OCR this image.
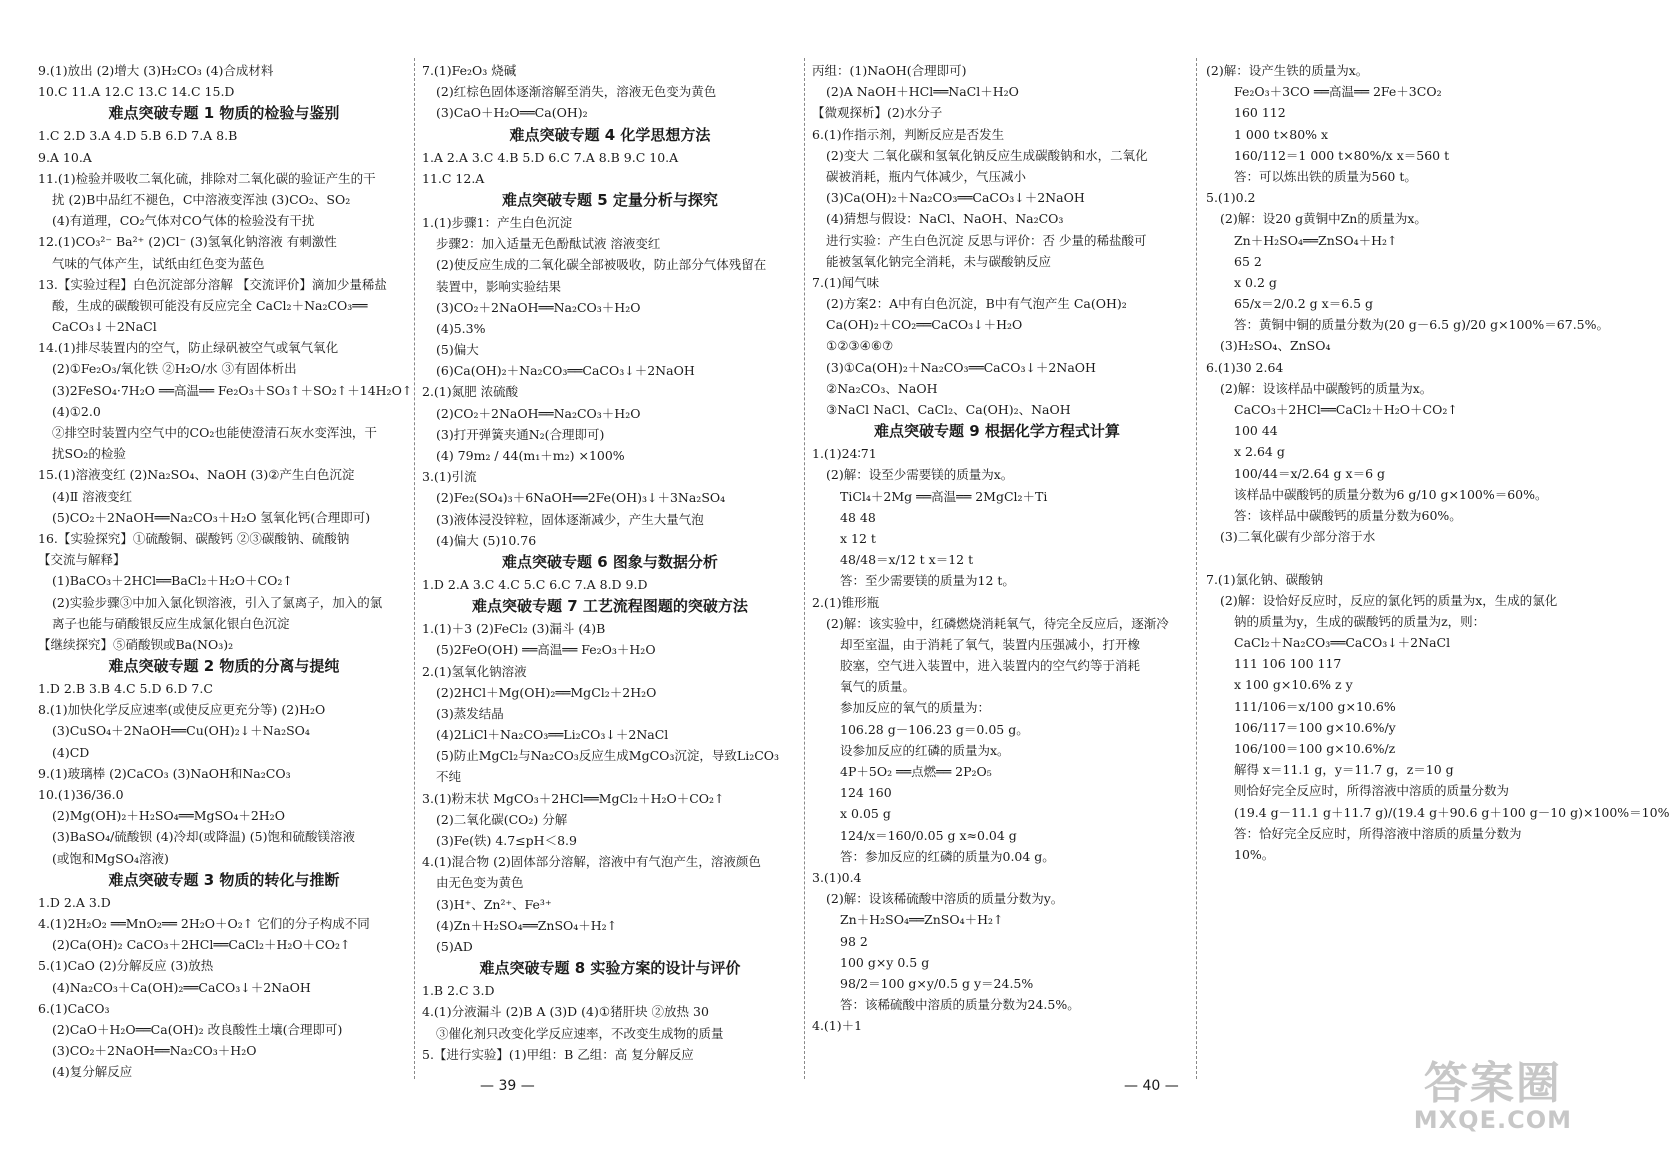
9.(1)放出 (2)增大 (3)H₂CO₃ (4)合成材料
10.C 11.A 12.C 13.C 14.C 15.D
难点突破专题 1 物质的检验与鉴别
1.C 2.D 3.A 4.D 5.B 6.D 7.A 8.B
9.A 10.A
11.(1)检验并吸收二氧化硫，排除对二氧化碳的验证产生的干
扰 (2)B中品红不褪色，C中溶液变浑浊 (3)CO₂、SO₂
(4)有道理，CO₂气体对CO气体的检验没有干扰
12.(1)CO₃²⁻ Ba²⁺ (2)Cl⁻ (3)氢氧化钠溶液 有刺激性
气味的气体产生，试纸由红色变为蓝色
13.【实验过程】白色沉淀部分溶解 【交流评价】滴加少量稀盐
酸，生成的碳酸钡可能没有反应完全 CaCl₂＋Na₂CO₃══
CaCO₃↓＋2NaCl
14.(1)排尽装置内的空气，防止绿矾被空气或氧气氧化
(2)①Fe₂O₃/氧化铁 ②H₂O/水 ③有固体析出
(3)2FeSO₄·7H₂O ══高温══ Fe₂O₃＋SO₃↑＋SO₂↑＋14H₂O↑
(4)①2.0
②排空时装置内空气中的CO₂也能使澄清石灰水变浑浊，干
扰SO₂的检验
15.(1)溶液变红 (2)Na₂SO₄、NaOH (3)②产生白色沉淀
(4)Ⅱ 溶液变红
(5)CO₂＋2NaOH══Na₂CO₃＋H₂O 氢氧化钙(合理即可)
16.【实验探究】①硫酸铜、碳酸钙 ②③碳酸钠、硫酸钠
【交流与解释】
(1)BaCO₃＋2HCl══BaCl₂＋H₂O＋CO₂↑
(2)实验步骤③中加入氯化钡溶液，引入了氯离子，加入的氯
离子也能与硝酸银反应生成氯化银白色沉淀
【继续探究】⑤硝酸钡或Ba(NO₃)₂
难点突破专题 2 物质的分离与提纯
1.D 2.B 3.B 4.C 5.D 6.D 7.C
8.(1)加快化学反应速率(或使反应更充分等) (2)H₂O
(3)CuSO₄＋2NaOH══Cu(OH)₂↓＋Na₂SO₄
(4)CD
9.(1)玻璃棒 (2)CaCO₃ (3)NaOH和Na₂CO₃
10.(1)36/36.0
(2)Mg(OH)₂＋H₂SO₄══MgSO₄＋2H₂O
(3)BaSO₄/硫酸钡 (4)冷却(或降温) (5)饱和硫酸镁溶液
(或饱和MgSO₄溶液)
难点突破专题 3 物质的转化与推断
1.D 2.A 3.D
4.(1)2H₂O₂ ══MnO₂══ 2H₂O＋O₂↑ 它们的分子构成不同
(2)Ca(OH)₂ CaCO₃＋2HCl══CaCl₂＋H₂O＋CO₂↑
5.(1)CaO (2)分解反应 (3)放热
(4)Na₂CO₃＋Ca(OH)₂══CaCO₃↓＋2NaOH
6.(1)CaCO₃
(2)CaO＋H₂O══Ca(OH)₂ 改良酸性土壤(合理即可)
(3)CO₂＋2NaOH══Na₂CO₃＋H₂O
(4)复分解反应
7.(1)Fe₂O₃ 烧碱
(2)红棕色固体逐渐溶解至消失，溶液无色变为黄色
(3)CaO＋H₂O══Ca(OH)₂
难点突破专题 4 化学思想方法
1.A 2.A 3.C 4.B 5.D 6.C 7.A 8.B 9.C 10.A
11.C 12.A
难点突破专题 5 定量分析与探究
1.(1)步骤1：产生白色沉淀
步骤2：加入适量无色酚酞试液 溶液变红
(2)使反应生成的二氧化碳全部被吸收，防止部分气体残留在
装置中，影响实验结果
(3)CO₂＋2NaOH══Na₂CO₃＋H₂O
(4)5.3%
(5)偏大
(6)Ca(OH)₂＋Na₂CO₃══CaCO₃↓＋2NaOH
2.(1)氮肥 浓硫酸
(2)CO₂＋2NaOH══Na₂CO₃＋H₂O
(3)打开弹簧夹通N₂(合理即可)
(4) 79m₂ / 44(m₁＋m₂) ×100%
3.(1)引流
(2)Fe₂(SO₄)₃＋6NaOH══2Fe(OH)₃↓＋3Na₂SO₄
(3)液体浸没锌粒，固体逐渐减少，产生大量气泡
(4)偏大 (5)10.76
难点突破专题 6 图象与数据分析
1.D 2.A 3.C 4.C 5.C 6.C 7.A 8.D 9.D
难点突破专题 7 工艺流程图题的突破方法
1.(1)＋3 (2)FeCl₂ (3)漏斗 (4)B
(5)2FeO(OH) ══高温══ Fe₂O₃＋H₂O
2.(1)氢氧化钠溶液
(2)2HCl＋Mg(OH)₂══MgCl₂＋2H₂O
(3)蒸发结晶
(4)2LiCl＋Na₂CO₃══Li₂CO₃↓＋2NaCl
(5)防止MgCl₂与Na₂CO₃反应生成MgCO₃沉淀，导致Li₂CO₃
不纯
3.(1)粉末状 MgCO₃＋2HCl══MgCl₂＋H₂O＋CO₂↑
(2)二氧化碳(CO₂) 分解
(3)Fe(铁) 4.7≤pH＜8.9
4.(1)混合物 (2)固体部分溶解，溶液中有气泡产生，溶液颜色
由无色变为黄色
(3)H⁺、Zn²⁺、Fe³⁺
(4)Zn＋H₂SO₄══ZnSO₄＋H₂↑
(5)AD
难点突破专题 8 实验方案的设计与评价
1.B 2.C 3.D
4.(1)分液漏斗 (2)B A (3)D (4)①猪肝块 ②放热 30
③催化剂只改变化学反应速率，不改变生成物的质量
5.【进行实验】(1)甲组：B 乙组：高 复分解反应
丙组：(1)NaOH(合理即可)
(2)A NaOH＋HCl══NaCl＋H₂O
【微观探析】(2)水分子
6.(1)作指示剂，判断反应是否发生
(2)变大 二氧化碳和氢氧化钠反应生成碳酸钠和水，二氧化
碳被消耗，瓶内气体减少，气压减小
(3)Ca(OH)₂＋Na₂CO₃══CaCO₃↓＋2NaOH
(4)猜想与假设：NaCl、NaOH、Na₂CO₃
进行实验：产生白色沉淀 反思与评价：否 少量的稀盐酸可
能被氢氧化钠完全消耗，未与碳酸钠反应
7.(1)闻气味
(2)方案2：A中有白色沉淀，B中有气泡产生 Ca(OH)₂
Ca(OH)₂＋CO₂══CaCO₃↓＋H₂O
①②③④⑥⑦
(3)①Ca(OH)₂＋Na₂CO₃══CaCO₃↓＋2NaOH
②Na₂CO₃、NaOH
③NaCl NaCl、CaCl₂、Ca(OH)₂、NaOH
难点突破专题 9 根据化学方程式计算
1.(1)24∶71
(2)解：设至少需要镁的质量为x。
TiCl₄＋2Mg ══高温══ 2MgCl₂＋Ti
48 48
x 12 t
48/48＝x/12 t x＝12 t
答：至少需要镁的质量为12 t。
2.(1)锥形瓶
(2)解：该实验中，红磷燃烧消耗氧气，待完全反应后，逐渐冷
却至室温，由于消耗了氧气，装置内压强减小，打开橡
胶塞，空气进入装置中，进入装置内的空气约等于消耗
氧气的质量。
参加反应的氧气的质量为：
106.28 g－106.23 g＝0.05 g。
设参加反应的红磷的质量为x。
4P＋5O₂ ══点燃══ 2P₂O₅
124 160
x 0.05 g
124/x＝160/0.05 g x≈0.04 g
答：参加反应的红磷的质量为0.04 g。
3.(1)0.4
(2)解：设该稀硫酸中溶质的质量分数为y。
Zn＋H₂SO₄══ZnSO₄＋H₂↑
98 2
100 g×y 0.5 g
98/2＝100 g×y/0.5 g y＝24.5%
答：该稀硫酸中溶质的质量分数为24.5%。
4.(1)＋1
(2)解：设产生铁的质量为x。
Fe₂O₃＋3CO ══高温══ 2Fe＋3CO₂
160 112
1 000 t×80% x
160/112＝1 000 t×80%/x x＝560 t
答：可以炼出铁的质量为560 t。
5.(1)0.2
(2)解：设20 g黄铜中Zn的质量为x。
Zn＋H₂SO₄══ZnSO₄＋H₂↑
65 2
x 0.2 g
65/x＝2/0.2 g x＝6.5 g
答：黄铜中铜的质量分数为(20 g－6.5 g)/20 g×100%＝67.5%。
(3)H₂SO₄、ZnSO₄
6.(1)30 2.64
(2)解：设该样品中碳酸钙的质量为x。
CaCO₃＋2HCl══CaCl₂＋H₂O＋CO₂↑
100 44
x 2.64 g
100/44＝x/2.64 g x＝6 g
该样品中碳酸钙的质量分数为6 g/10 g×100%＝60%。
答：该样品中碳酸钙的质量分数为60%。
(3)二氧化碳有少部分溶于水
7.(1)氯化钠、碳酸钠
(2)解：设恰好反应时，反应的氯化钙的质量为x，生成的氯化
钠的质量为y，生成的碳酸钙的质量为z，则：
CaCl₂＋Na₂CO₃══CaCO₃↓＋2NaCl
111 106 100 117
x 100 g×10.6% z y
111/106＝x/100 g×10.6%
106/117＝100 g×10.6%/y
106/100＝100 g×10.6%/z
解得 x＝11.1 g，y＝11.7 g，z＝10 g
则恰好完全反应时，所得溶液中溶质的质量分数为
(19.4 g－11.1 g＋11.7 g)/(19.4 g＋90.6 g＋100 g－10 g)×100%＝10%
答：恰好完全反应时，所得溶液中溶质的质量分数为
10%。
— 39 —	— 40 —	答案圈
MXQE.COM
